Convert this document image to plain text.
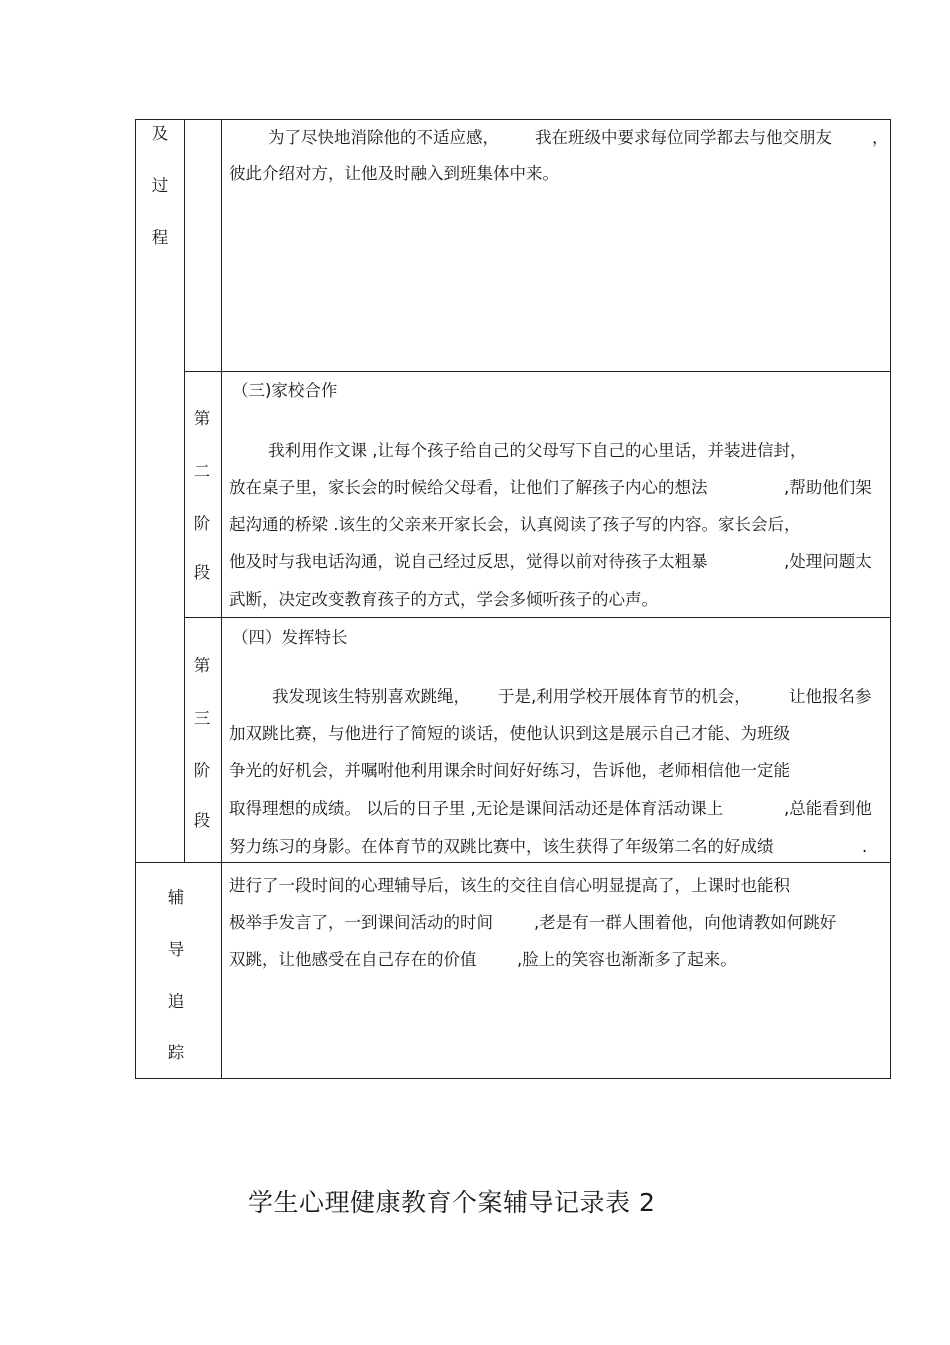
及
过
程
为了尽快地消除他的不适应感， 我在班级中要求每位同学都去与他交朋友 ，
彼此介绍对方，让他及时融入到班集体中来。
第
二
阶
段
（三)家校合作
我利用作文课 ,让每个孩子给自己的父母写下自己的心里话，并装进信封，
放在桌子里，家长会的时候给父母看，让他们了解孩子内心的想法	,帮助他们架
起沟通的桥梁 .该生的父亲来开家长会，认真阅读了孩子写的内容。家长会后，
他及时与我电话沟通，说自己经过反思，觉得以前对待孩子太粗暴	,处理问题太
武断，决定改变教育孩子的方式，学会多倾听孩子的心声。
第
三
阶
段
（四）发挥特长
我发现该生特别喜欢跳绳， 于是,利用学校开展体育节的机会， 让他报名参
加双跳比赛，与他进行了简短的谈话，使他认识到这是展示自己才能、为班级
争光的好机会，并嘱咐他利用课余时间好好练习，告诉他，老师相信他一定能
取得理想的成绩。 以后的日子里 ,无论是课间活动还是体育活动课上	,总能看到他
努力练习的身影。在体育节的双跳比赛中，该生获得了年级第二名的好成绩	.
辅
导
追
踪
进行了一段时间的心理辅导后，该生的交往自信心明显提高了，上课时也能积
极举手发言了，一到课间活动的时间 ,老是有一群人围着他，向他请教如何跳好
双跳，让他感受在自己存在的价值 ,脸上的笑容也渐渐多了起来。
学生心理健康教育个案辅导记录表 2
